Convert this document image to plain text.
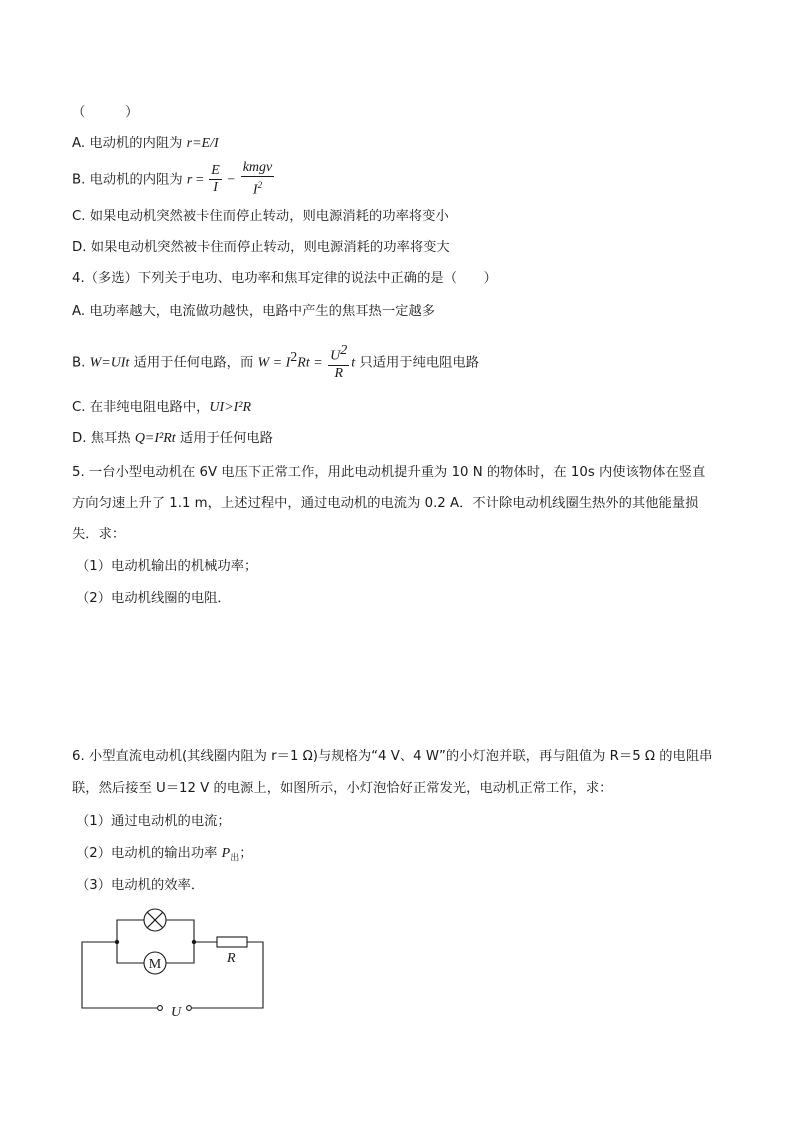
（　　　）
A. 电动机的内阻为 r=E/I
B. 电动机的内阻为 $r = \frac{E}{I} - \frac{\text{kmgv}}{I^2}$
C. 如果电动机突然被卡住而停止转动，则电源消耗的功率将变小
D. 如果电动机突然被卡住而停止转动，则电源消耗的功率将变大
4.（多选）下列关于电功、电功率和焦耳定律的说法中正确的是（　　）
A. 电功率越大，电流做功越快，电路中产生的焦耳热一定越多
B. W=UIt 适用于任何电路，而 $W = I^2Rt = \frac{U^2}{R}$ t 只适用于纯电阻电路
C. 在非纯电阻电路中，UI>I²R
D. 焦耳热 Q=I²Rt 适用于任何电路
5. 一台小型电动机在 6V 电压下正常工作，用此电动机提升重为 10 N 的物体时，在 10s 内使该物体在竖直
方向匀速上升了 1.1 m，上述过程中，通过电动机的电流为 0.2 A．不计除电动机线圈生热外的其他能量损
失．求：
（1）电动机输出的机械功率；
（2）电动机线圈的电阻．
6. 小型直流电动机(其线圈内阻为 r＝1 Ω)与规格为“4 V、4 W”的小灯泡并联，再与阻值为 R＝5 Ω 的电阻串
联，然后接至 U＝12 V 的电源上，如图所示，小灯泡恰好正常发光，电动机正常工作，求：
（1）通过电动机的电流；
（2）电动机的输出功率 $P_出$；
（3）电动机的效率．
M	R
U
